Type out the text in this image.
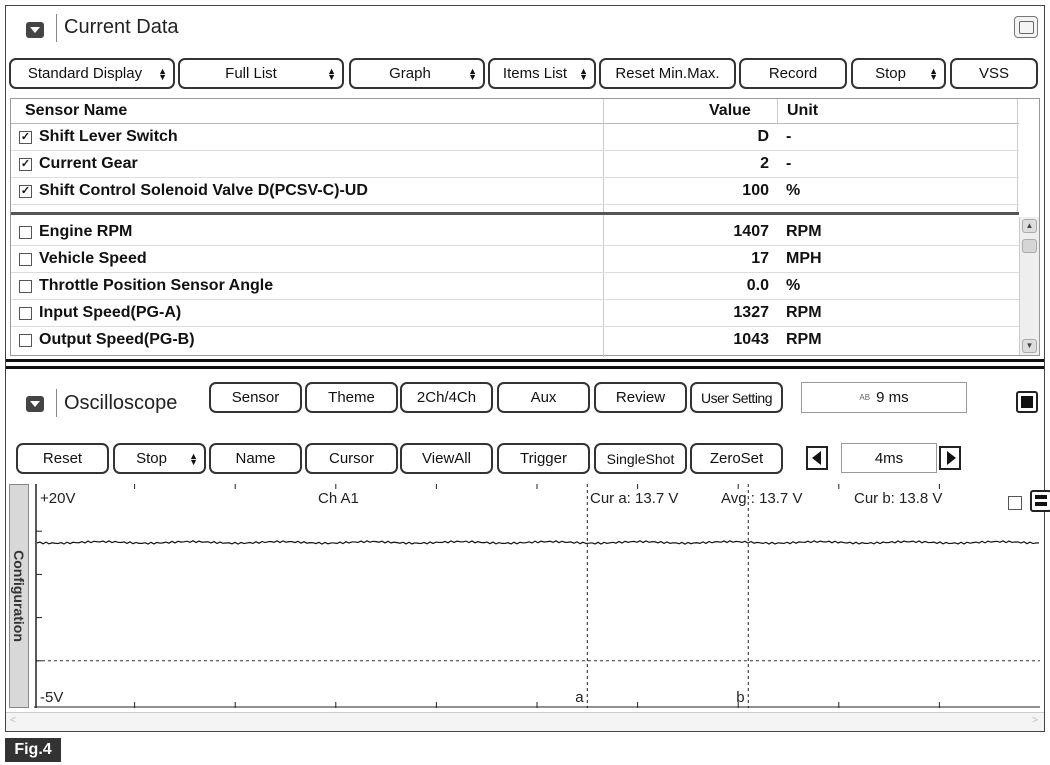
Current Data
Standard Display ▲ ▼	Full List ▲ ▼	Graph ▲ ▼	Items List ▲ ▼	Reset Min.Max.	Record	Stop ▲ ▼	VSS
Sensor Name	Value Unit
✓ Shift Lever Switch	D -
✓ Current Gear	2 -
✓ Shift Control Solenoid Valve D(PCSV-C)-UD	100 %
Engine RPM	1407 RPM
Vehicle Speed	17 MPH
Throttle Position Sensor Angle	0.0 %
Input Speed(PG-A)	1327 RPM
Output Speed(PG-B)	1043 RPM
▲
▼
Oscilloscope	Sensor	Theme	2Ch/4Ch	Aux	Review	User Setting	AB 9 ms
Reset	Stop ▲ ▼	Name	Cursor	ViewAll	Trigger	SingleShot	ZeroSet	4ms
Configuration
+20V
-5V
Ch A1	Cur a: 13.7 V	Avg : 13.7 V	Cur b: 13.8 V
a	b
<	>
Fig.4
